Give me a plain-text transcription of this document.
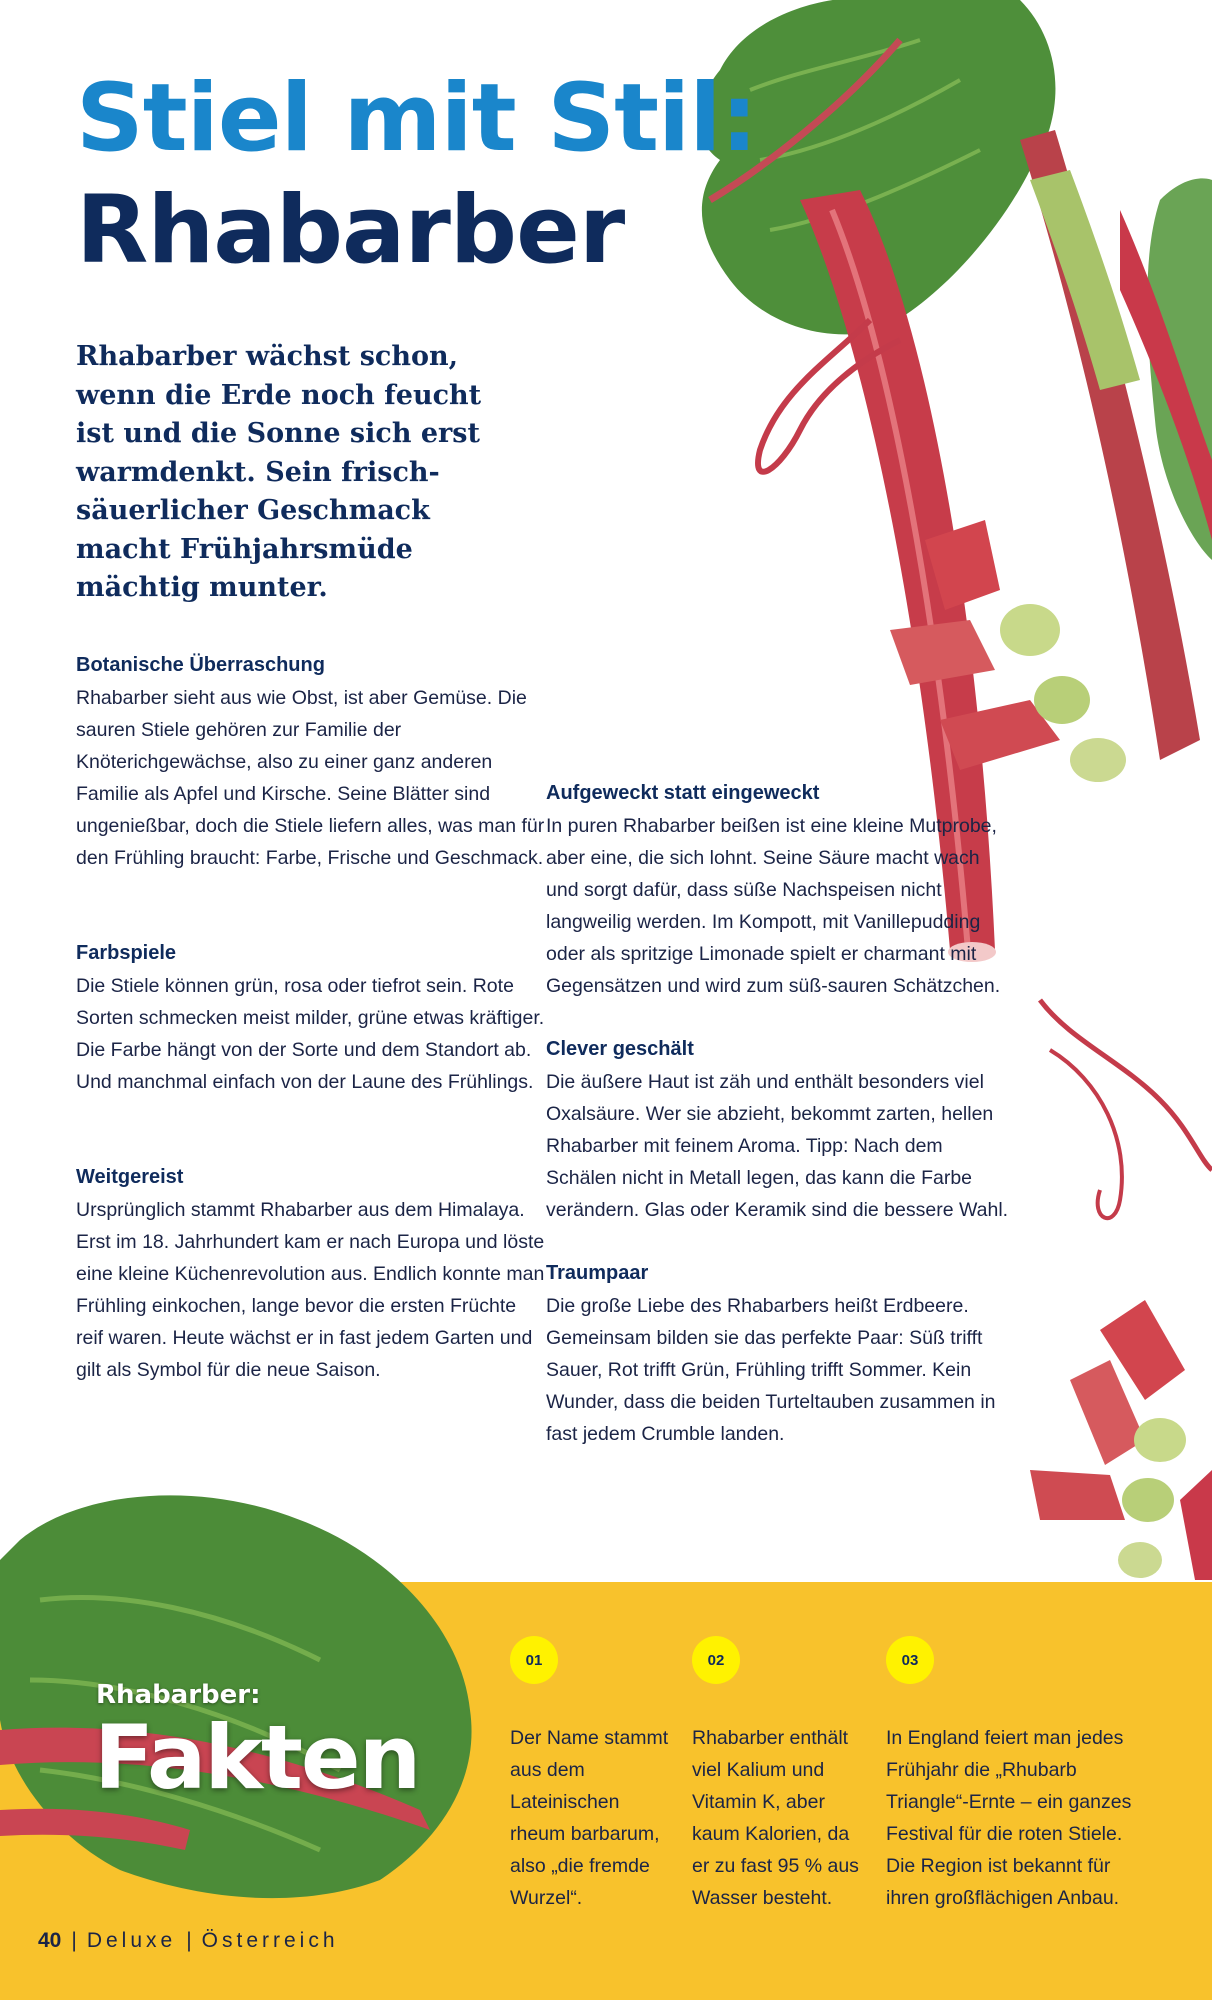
Stiel mit Stil:
Rhabarber
Rhabarber wächst schon, wenn die Erde noch feucht ist und die Sonne sich erst warmdenkt. Sein frisch-säuerlicher Geschmack macht Frühjahrsmüde mächtig munter.
Botanische Überraschung

Rhabarber sieht aus wie Obst, ist aber Gemüse. Die sauren Stiele gehören zur Familie der Knöterichgewächse, also zu einer ganz anderen Familie als Apfel und Kirsche. Seine Blätter sind ungenießbar, doch die Stiele liefern alles, was man für den Frühling braucht: Farbe, Frische und Geschmack.

Farbspiele

Die Stiele können grün, rosa oder tiefrot sein. Rote Sorten schmecken meist milder, grüne etwas kräftiger. Die Farbe hängt von der Sorte und dem Standort ab. Und manchmal einfach von der Laune des Frühlings.

Weitgereist

Ursprünglich stammt Rhabarber aus dem Himalaya. Erst im 18. Jahrhundert kam er nach Europa und löste eine kleine Küchenrevolution aus. Endlich konnte man Frühling einkochen, lange bevor die ersten Früchte reif waren. Heute wächst er in fast jedem Garten und gilt als Symbol für die neue Saison.

Aufgeweckt statt eingeweckt

In puren Rhabarber beißen ist eine kleine Mutprobe, aber eine, die sich lohnt. Seine Säure macht wach und sorgt dafür, dass süße Nachspeisen nicht langweilig werden. Im Kompott, mit Vanillepudding oder als spritzige Limonade spielt er charmant mit Gegensätzen und wird zum süß-sauren Schätzchen.

Clever geschält

Die äußere Haut ist zäh und enthält besonders viel Oxalsäure. Wer sie abzieht, bekommt zarten, hellen Rhabarber mit feinem Aroma. Tipp: Nach dem Schälen nicht in Metall legen, das kann die Farbe verändern. Glas oder Keramik sind die bessere Wahl.

Traumpaar

Die große Liebe des Rhabarbers heißt Erdbeere. Gemeinsam bilden sie das perfekte Paar: Süß trifft Sauer, Rot trifft Grün, Frühling trifft Sommer. Kein Wunder, dass die beiden Turteltauben zusammen in fast jedem Crumble landen.

Rhabarber:
Fakten
01

Der Name stammt aus dem Lateinischen rheum barbarum, also „die fremde Wurzel“.

02

Rhabarber enthält viel Kalium und Vitamin K, aber kaum Kalorien, da er zu fast 95 % aus Wasser besteht.

03

In England feiert man jedes Frühjahr die „Rhubarb Triangle“-Ernte – ein ganzes Festival für die roten Stiele. Die Region ist bekannt für ihren großflächigen Anbau.

40 | Deluxe | Österreich
